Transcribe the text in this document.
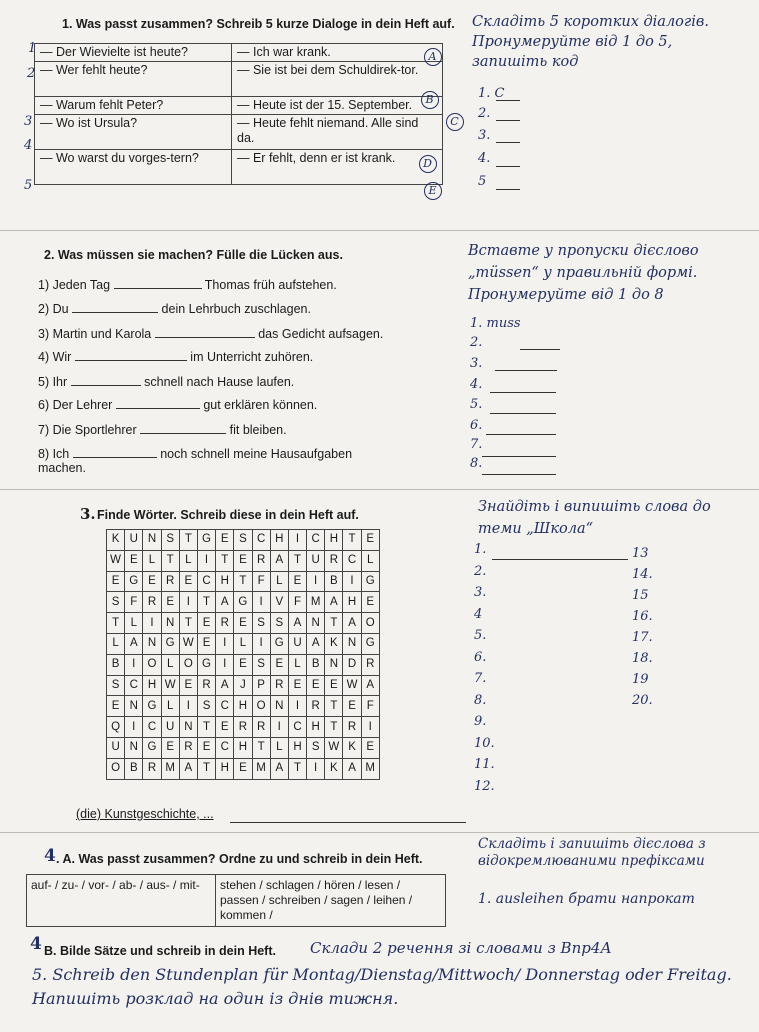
1. Was passt zusammen? Schreib 5 kurze Dialoge in dein Heft auf.
— Der Wievielte ist heute?	— Ich war krank. A

— Wer fehlt heute?	— Sie ist bei dem Schuldirek-tor.
B

— Warum fehlt Peter?	— Heute ist der 15. September.
C

— Wo ist Ursula?	— Heute fehlt niemand. Alle sind da.
D

— Wo warst du vorges-tern?	— Er fehlt, denn er ist krank.
E
1
2
3
4
5
Складіть 5 коротких діалогів. Пронумеруйте від 1 до 5, запишіть код
1. C
2.
3.
4.
5
2. Was müssen sie machen? Fülle die Lücken aus.
1) Jeden Tag	Thomas früh aufstehen.
2) Du	dein Lehrbuch zuschlagen.
3) Martin und Karola	das Gedicht aufsagen.
4) Wir	im Unterricht zuhören.
5) Ihr	schnell nach Hause laufen.
6) Der Lehrer	gut erklären können.
7) Die Sportlehrer	fit bleiben.
8) Ich	noch schnell meine Hausaufgaben
machen.
Вставте у пропуски дієслово „müssen“ у правильній формі. Пронумеруйте від 1 до 8
1. muss
2.
3.
4.
5.
6.
7.
8.
3. Finde Wörter. Schreib diese in dein Heft auf.
K	U	N	S	T	G	E	S	C	H	I	C	H	T	E
W	E	L	T	L	I	T	E	R	A	T	U	R	C	L
E	G	E	R	E	C	H	T	F	L	E	I	B	I	G
S	F	R	E	I	T	A	G	I	V	F	M	A	H	E
T	L	I	N	T	E	R	E	S	S	A	N	T	A	O
L	A	N	G	W	E	I	L	I	G	U	A	K	N	G
B	I	O	L	O	G	I	E	S	E	L	B	N	D	R
S	C	H	W	E	R	A	J	P	R	E	E	E	W	A
E	N	G	L	I	S	C	H	O	N	I	R	T	E	F
Q	I	C	U	N	T	E	R	R	I	C	H	T	R	I
U	N	G	E	R	E	C	H	T	L	H	S	W	K	E
O	B	R	M	A	T	H	E	M	A	T	I	K	A	M
(die) Kunstgeschichte, ...
Знайдіть і випишіть слова до теми „Школа“
1.
2.
3.
4
5.
6.
7.
8.
9.
10.
11.
12.
13
14.
15
16.
17.
18.
19
20.
4 . A. Was passt zusammen? Ordne zu und schreib in dein Heft.
auf- / zu- / vor- / ab- / aus- / mit-	stehen / schlagen / hören / lesen / passen / schreiben / sagen / leihen / kommen /
Складіть і запишіть дієслова з відокремлюваними префіксами
1. ausleihen брати напрокат
4 B. Bilde Sätze und schreib in dein Heft. Склади 2 речення зі словами з Впр4А
5. Schreib den Stundenplan für Montag/Dienstag/Mittwoch/ Donnerstag oder Freitag. Напишіть розклад на один із днів тижня.
